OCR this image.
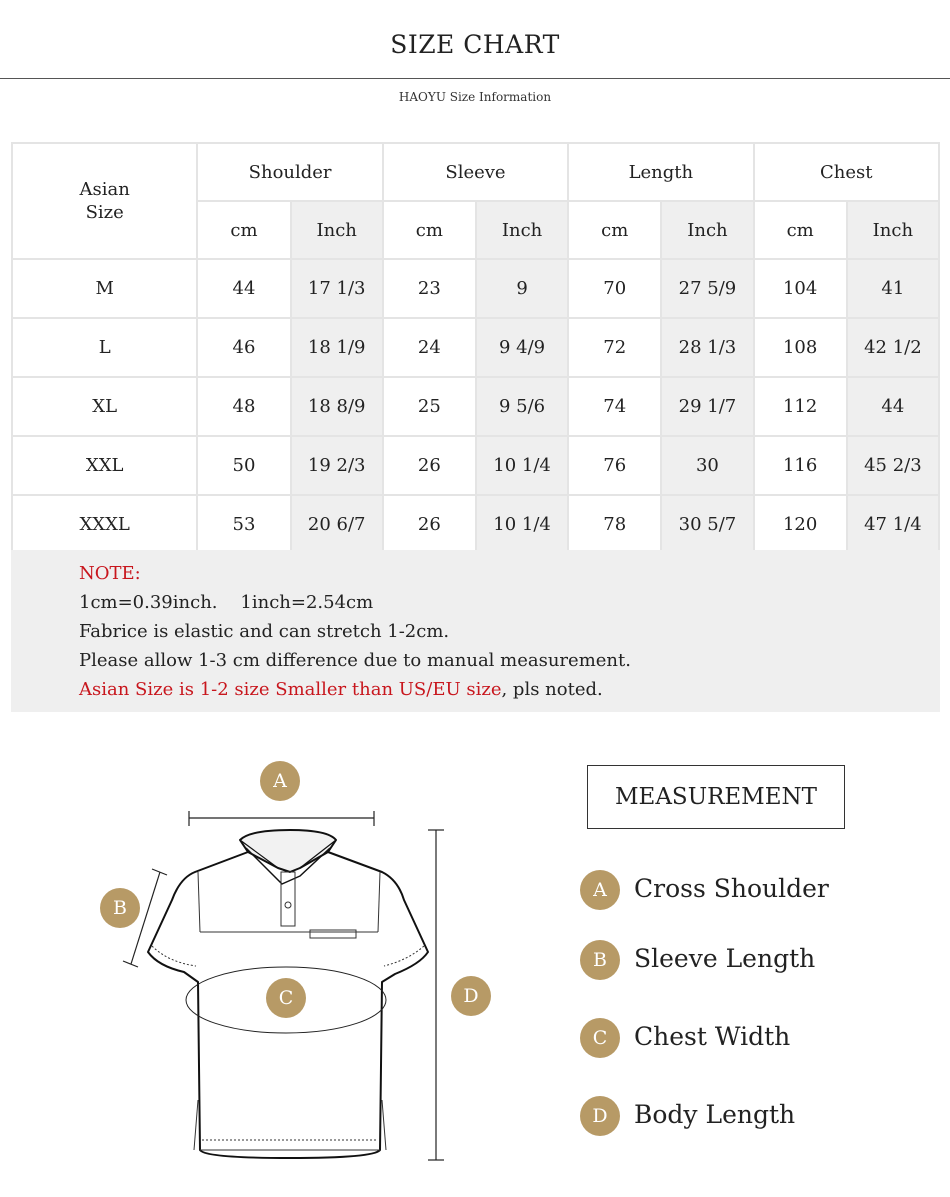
SIZE CHART
HAOYU Size Information
Asian
Size	Shoulder		Sleeve		Length		Chest	
	cm	Inch	cm	Inch	cm	Inch	cm	Inch
M	44	17 1/3	23	9	70	27 5/9	104	41
L	46	18 1/9	24	9 4/9	72	28 1/3	108	42 1/2
XL	48	18 8/9	25	9 5/6	74	29 1/7	112	44
XXL	50	19 2/3	26	10 1/4	76	30	116	45 2/3
XXXL	53	20 6/7	26	10 1/4	78	30 5/7	120	47 1/4
NOTE:
1cm=0.39inch.    1inch=2.54cm
Fabrice is elastic and can stretch 1-2cm.
Please allow 1-3 cm difference due to manual measurement.
Asian Size is 1-2 size Smaller than US/EU size, pls noted.
A
B
C	D
MEASUREMENT
A	Cross Shoulder
B	Sleeve Length
C	Chest Width
D	Body Length
